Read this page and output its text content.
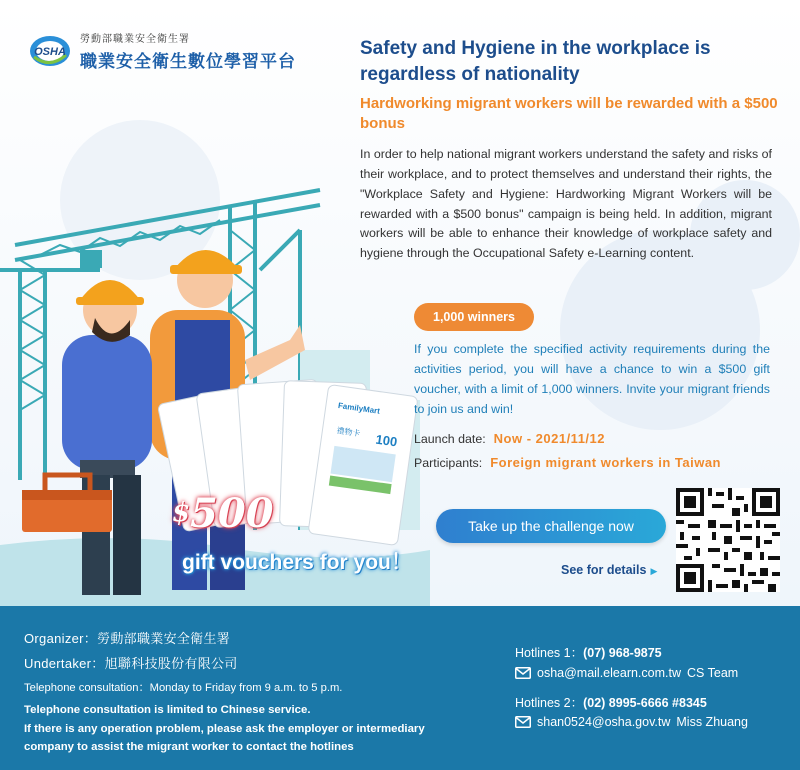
OSHA
勞動部職業安全衛生署
職業安全衛生數位學習平台
FamilyMart
禮物卡 100
$500
gift vouchers for you！
Safety and Hygiene in the workplace is regardless of nationality
Hardworking migrant workers will be rewarded with a $500 bonus

In order to help national migrant workers understand the safety and risks of their workplace, and to protect themselves and understand their rights, the "Workplace Safety and Hygiene: Hardworking Migrant Workers will be rewarded with a $500 bonus" campaign is being held. In addition, migrant workers will be able to enhance their knowledge of workplace safety and hygiene through the Occupational Safety e-Learning content.

1,000 winners

If you complete the specified activity requirements during the activities period, you will have a chance to win a $500 gift voucher, with a limit of 1,000 winners. Invite your migrant friends to join us and win!

Launch date: Now - 2021/11/12
Participants: Foreign migrant workers in Taiwan
Take up the challenge now
See for details ▶
Organizer：勞動部職業安全衛生署
Undertaker：旭聯科技股份有限公司
Telephone consultation：Monday to Friday from 9 a.m. to 5 p.m.
Telephone consultation is limited to Chinese service.
If there is any operation problem, please ask the employer or intermediary company to assist the migrant worker to contact the hotlines
Hotlines 1：(07) 968-9875
osha@mail.elearn.com.tw CS Team
Hotlines 2：(02) 8995-6666 #8345
shan0524@osha.gov.tw Miss Zhuang
